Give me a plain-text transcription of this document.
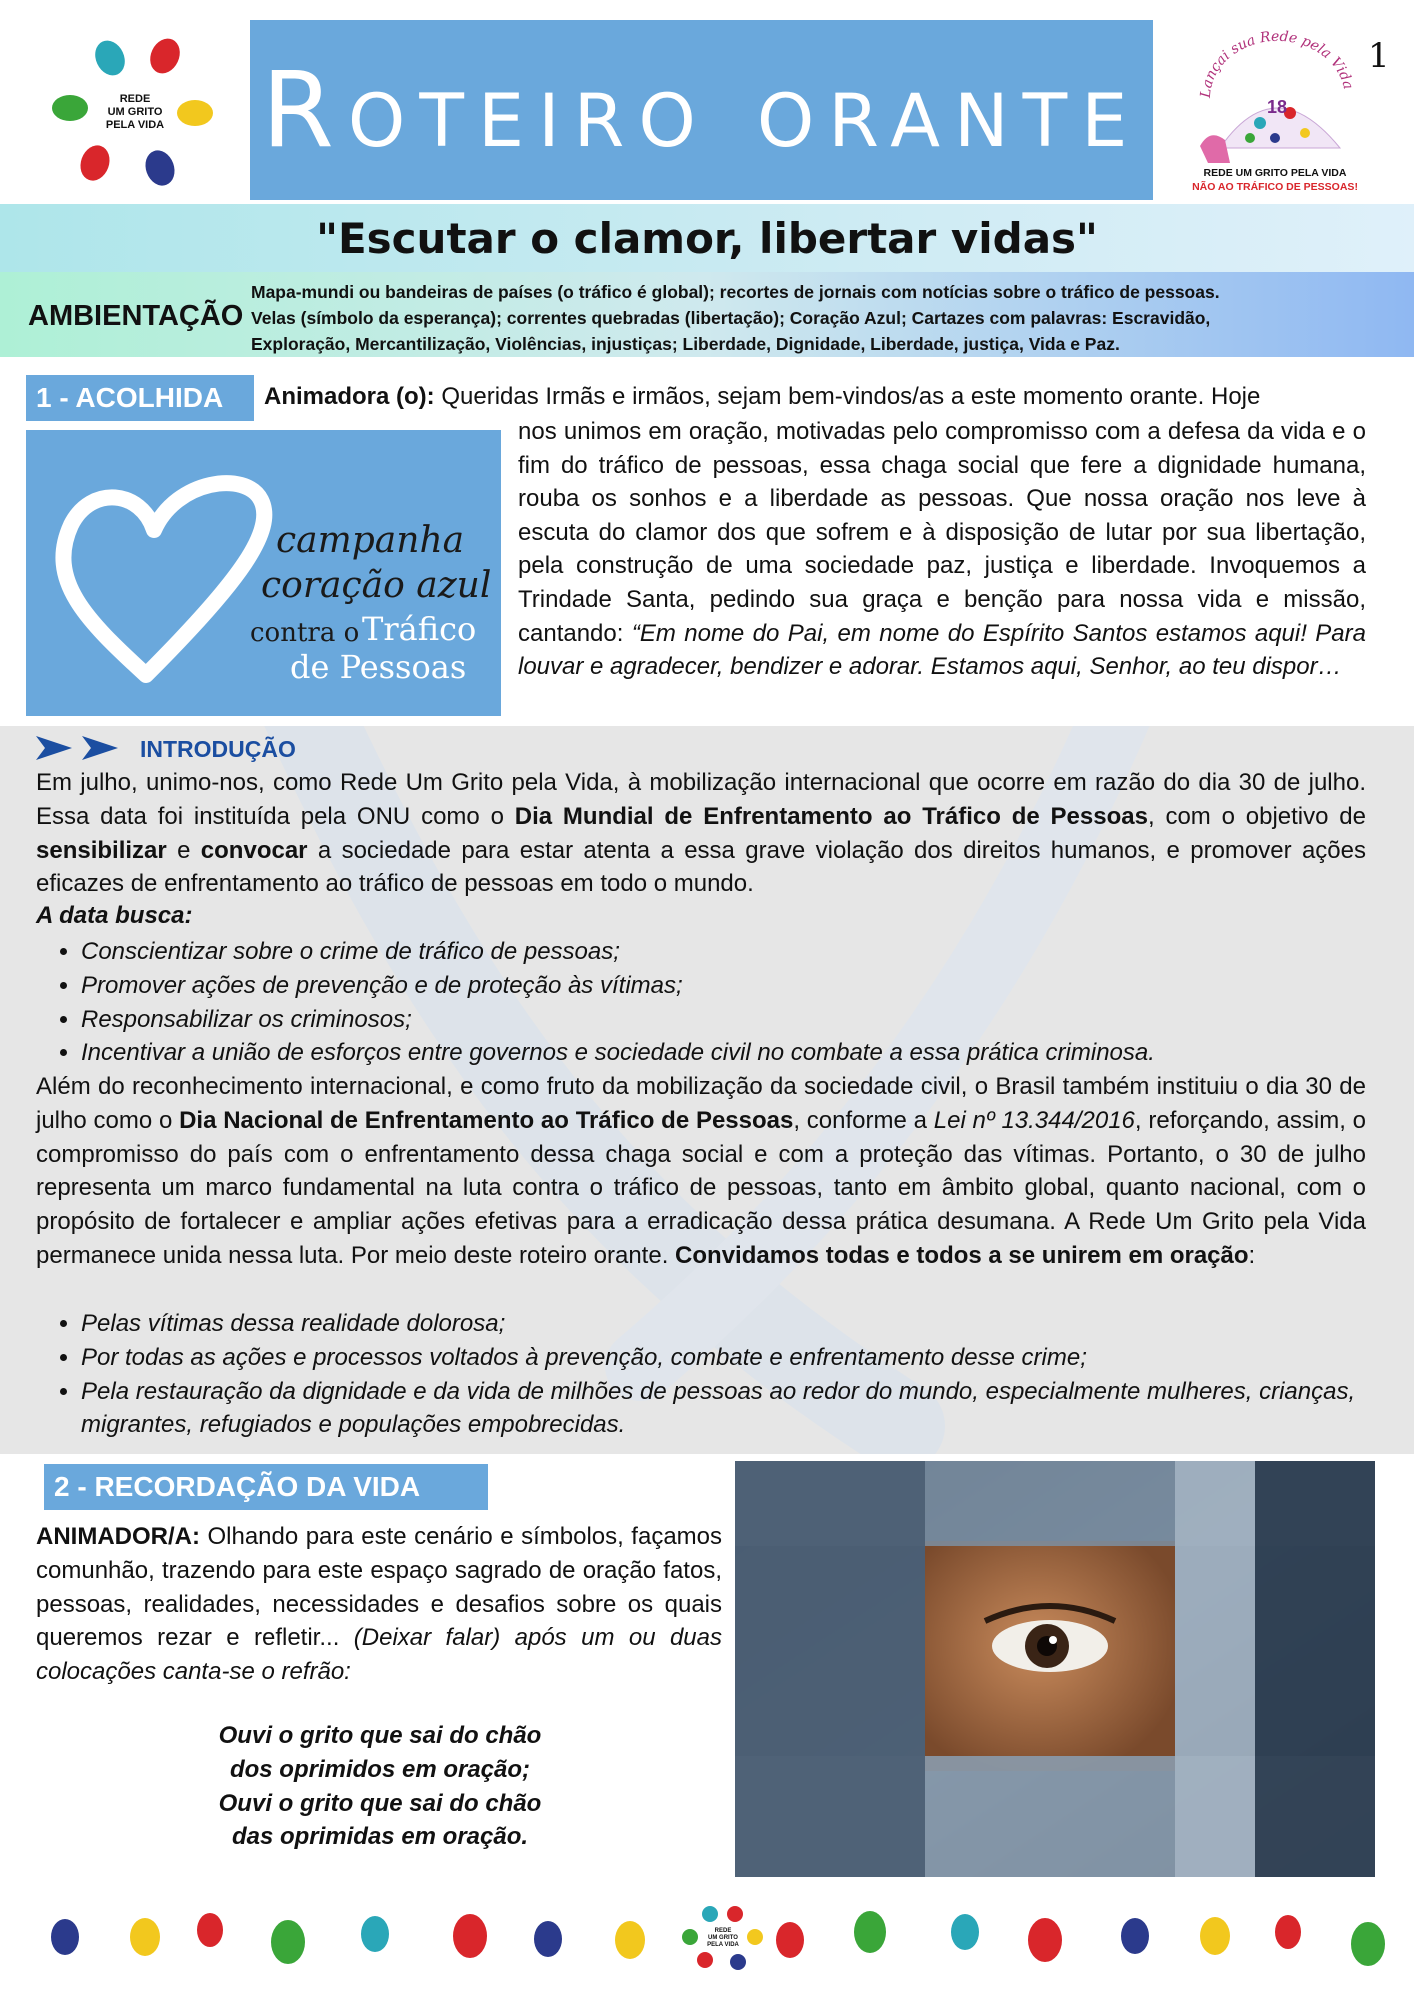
REDE
UM GRITO
PELA VIDA Roteiro orante	Lançai sua Rede pela Vida
18
REDE UM GRITO PELA VIDA
NÃO AO TRÁFICO DE PESSOAS!
1
"Escutar o clamor, libertar vidas"
AMBIENTAÇÃO
Mapa-mundi ou bandeiras de países (o tráfico é global); recortes de jornais com notícias sobre o tráfico de pessoas.
Velas (símbolo da esperança); correntes quebradas (libertação); Coração Azul; Cartazes com palavras: Escravidão,
Exploração, Mercantilização, Violências, injustiças; Liberdade, Dignidade, Liberdade, justiça, Vida e Paz.
1 - ACOLHIDA
campanha
coração azul
contra o Tráfico
de Pessoas
Animadora (o): Queridas Irmãs e irmãos, sejam bem-vindos/as a este momento orante. Hoje
nos unimos em oração, motivadas pelo compromisso com a defesa da vida e o fim do tráfico de pessoas, essa chaga social que fere a dignidade humana, rouba os sonhos e a liberdade as pessoas. Que nossa oração nos leve à escuta do clamor dos que sofrem e à disposição de lutar por sua libertação, pela construção de uma sociedade paz, justiça e liberdade. Invoquemos a Trindade Santa, pedindo sua graça e benção para nossa vida e missão, cantando: “Em nome do Pai, em nome do Espírito Santos estamos aqui! Para louvar e agradecer, bendizer e adorar. Estamos aqui, Senhor, ao teu dispor…
INTRODUÇÃO
Em julho, unimo-nos, como Rede Um Grito pela Vida, à mobilização internacional que ocorre em razão do dia 30 de julho. Essa data foi instituída pela ONU como o Dia Mundial de Enfrentamento ao Tráfico de Pessoas, com o objetivo de sensibilizar e convocar a sociedade para estar atenta a essa grave violação dos direitos humanos, e promover ações eficazes de enfrentamento ao tráfico de pessoas em todo o mundo.
A data busca:
• Conscientizar sobre o crime de tráfico de pessoas;
• Promover ações de prevenção e de proteção às vítimas;
• Responsabilizar os criminosos;
• Incentivar a união de esforços entre governos e sociedade civil no combate a essa prática criminosa.
Além do reconhecimento internacional, e como fruto da mobilização da sociedade civil, o Brasil também instituiu o dia 30 de julho como o Dia Nacional de Enfrentamento ao Tráfico de Pessoas, conforme a Lei nº 13.344/2016, reforçando, assim, o compromisso do país com o enfrentamento dessa chaga social e com a proteção das vítimas. Portanto, o 30 de julho representa um marco fundamental na luta contra o tráfico de pessoas, tanto em âmbito global, quanto nacional, com o propósito de fortalecer e ampliar ações efetivas para a erradicação dessa prática desumana. A Rede Um Grito pela Vida permanece unida nessa luta. Por meio deste roteiro orante. Convidamos todas e todos a se unirem em oração:
• Pelas vítimas dessa realidade dolorosa;
• Por todas as ações e processos voltados à prevenção, combate e enfrentamento desse crime;
• Pela restauração da dignidade e da vida de milhões de pessoas ao redor do mundo, especialmente mulheres, crianças, migrantes, refugiados e populações empobrecidas.
2 - RECORDAÇÃO DA VIDA
ANIMADOR/A: Olhando para este cenário e símbolos, façamos comunhão, trazendo para este espaço sagrado de oração fatos, pessoas, realidades, necessidades e desafios sobre os quais queremos rezar e refletir... (Deixar falar) após um ou duas colocações canta-se o refrão:
Ouvi o grito que sai do chão
dos oprimidos em oração;
Ouvi o grito que sai do chão
das oprimidas em oração.
REDE
UM GRITO
PELA VIDA
